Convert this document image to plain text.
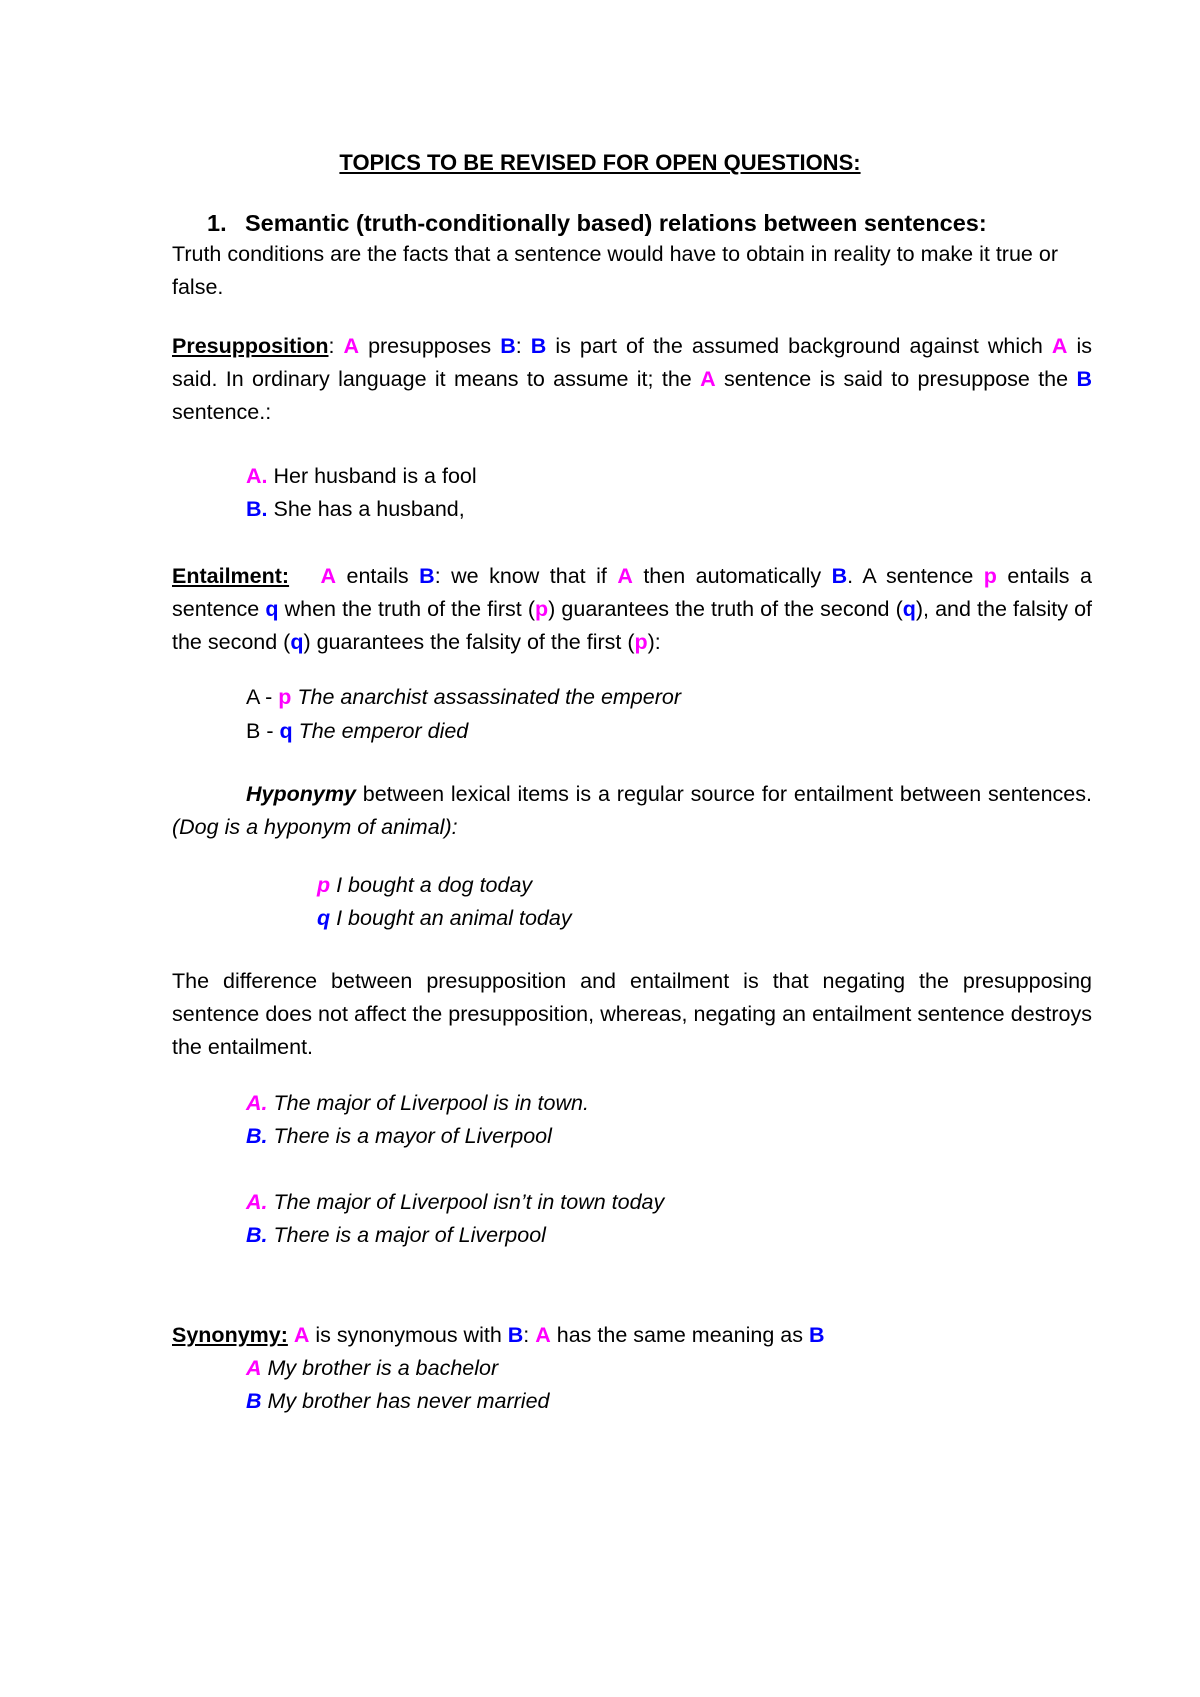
TOPICS TO BE REVISED FOR OPEN QUESTIONS:
1. Semantic (truth-conditionally based) relations between sentences:

Truth conditions are the facts that a sentence would have to obtain in reality to make it true or false.

Presupposition: A presupposes B: B is part of the assumed background against which A is said. In ordinary language it means to assume it; the A sentence is said to presuppose the B sentence.:

A. Her husband is a fool
B. She has a husband,

Entailment: A entails B: we know that if A then automatically B. A sentence p entails a sentence q when the truth of the first (p) guarantees the truth of the second (q), and the falsity of the second (q) guarantees the falsity of the first (p):

A - p The anarchist assassinated the emperor
B - q The emperor died

Hyponymy between lexical items is a regular source for entailment between sentences. (Dog is a hyponym of animal):

p I bought a dog today
q I bought an animal today

The difference between presupposition and entailment is that negating the presupposing sentence does not affect the presupposition, whereas, negating an entailment sentence destroys the entailment.

A. The major of Liverpool is in town.
B. There is a mayor of Liverpool
A. The major of Liverpool isn’t in town today
B. There is a major of Liverpool
Synonymy: A is synonymous with B: A has the same meaning as B
A My brother is a bachelor
B My brother has never married
